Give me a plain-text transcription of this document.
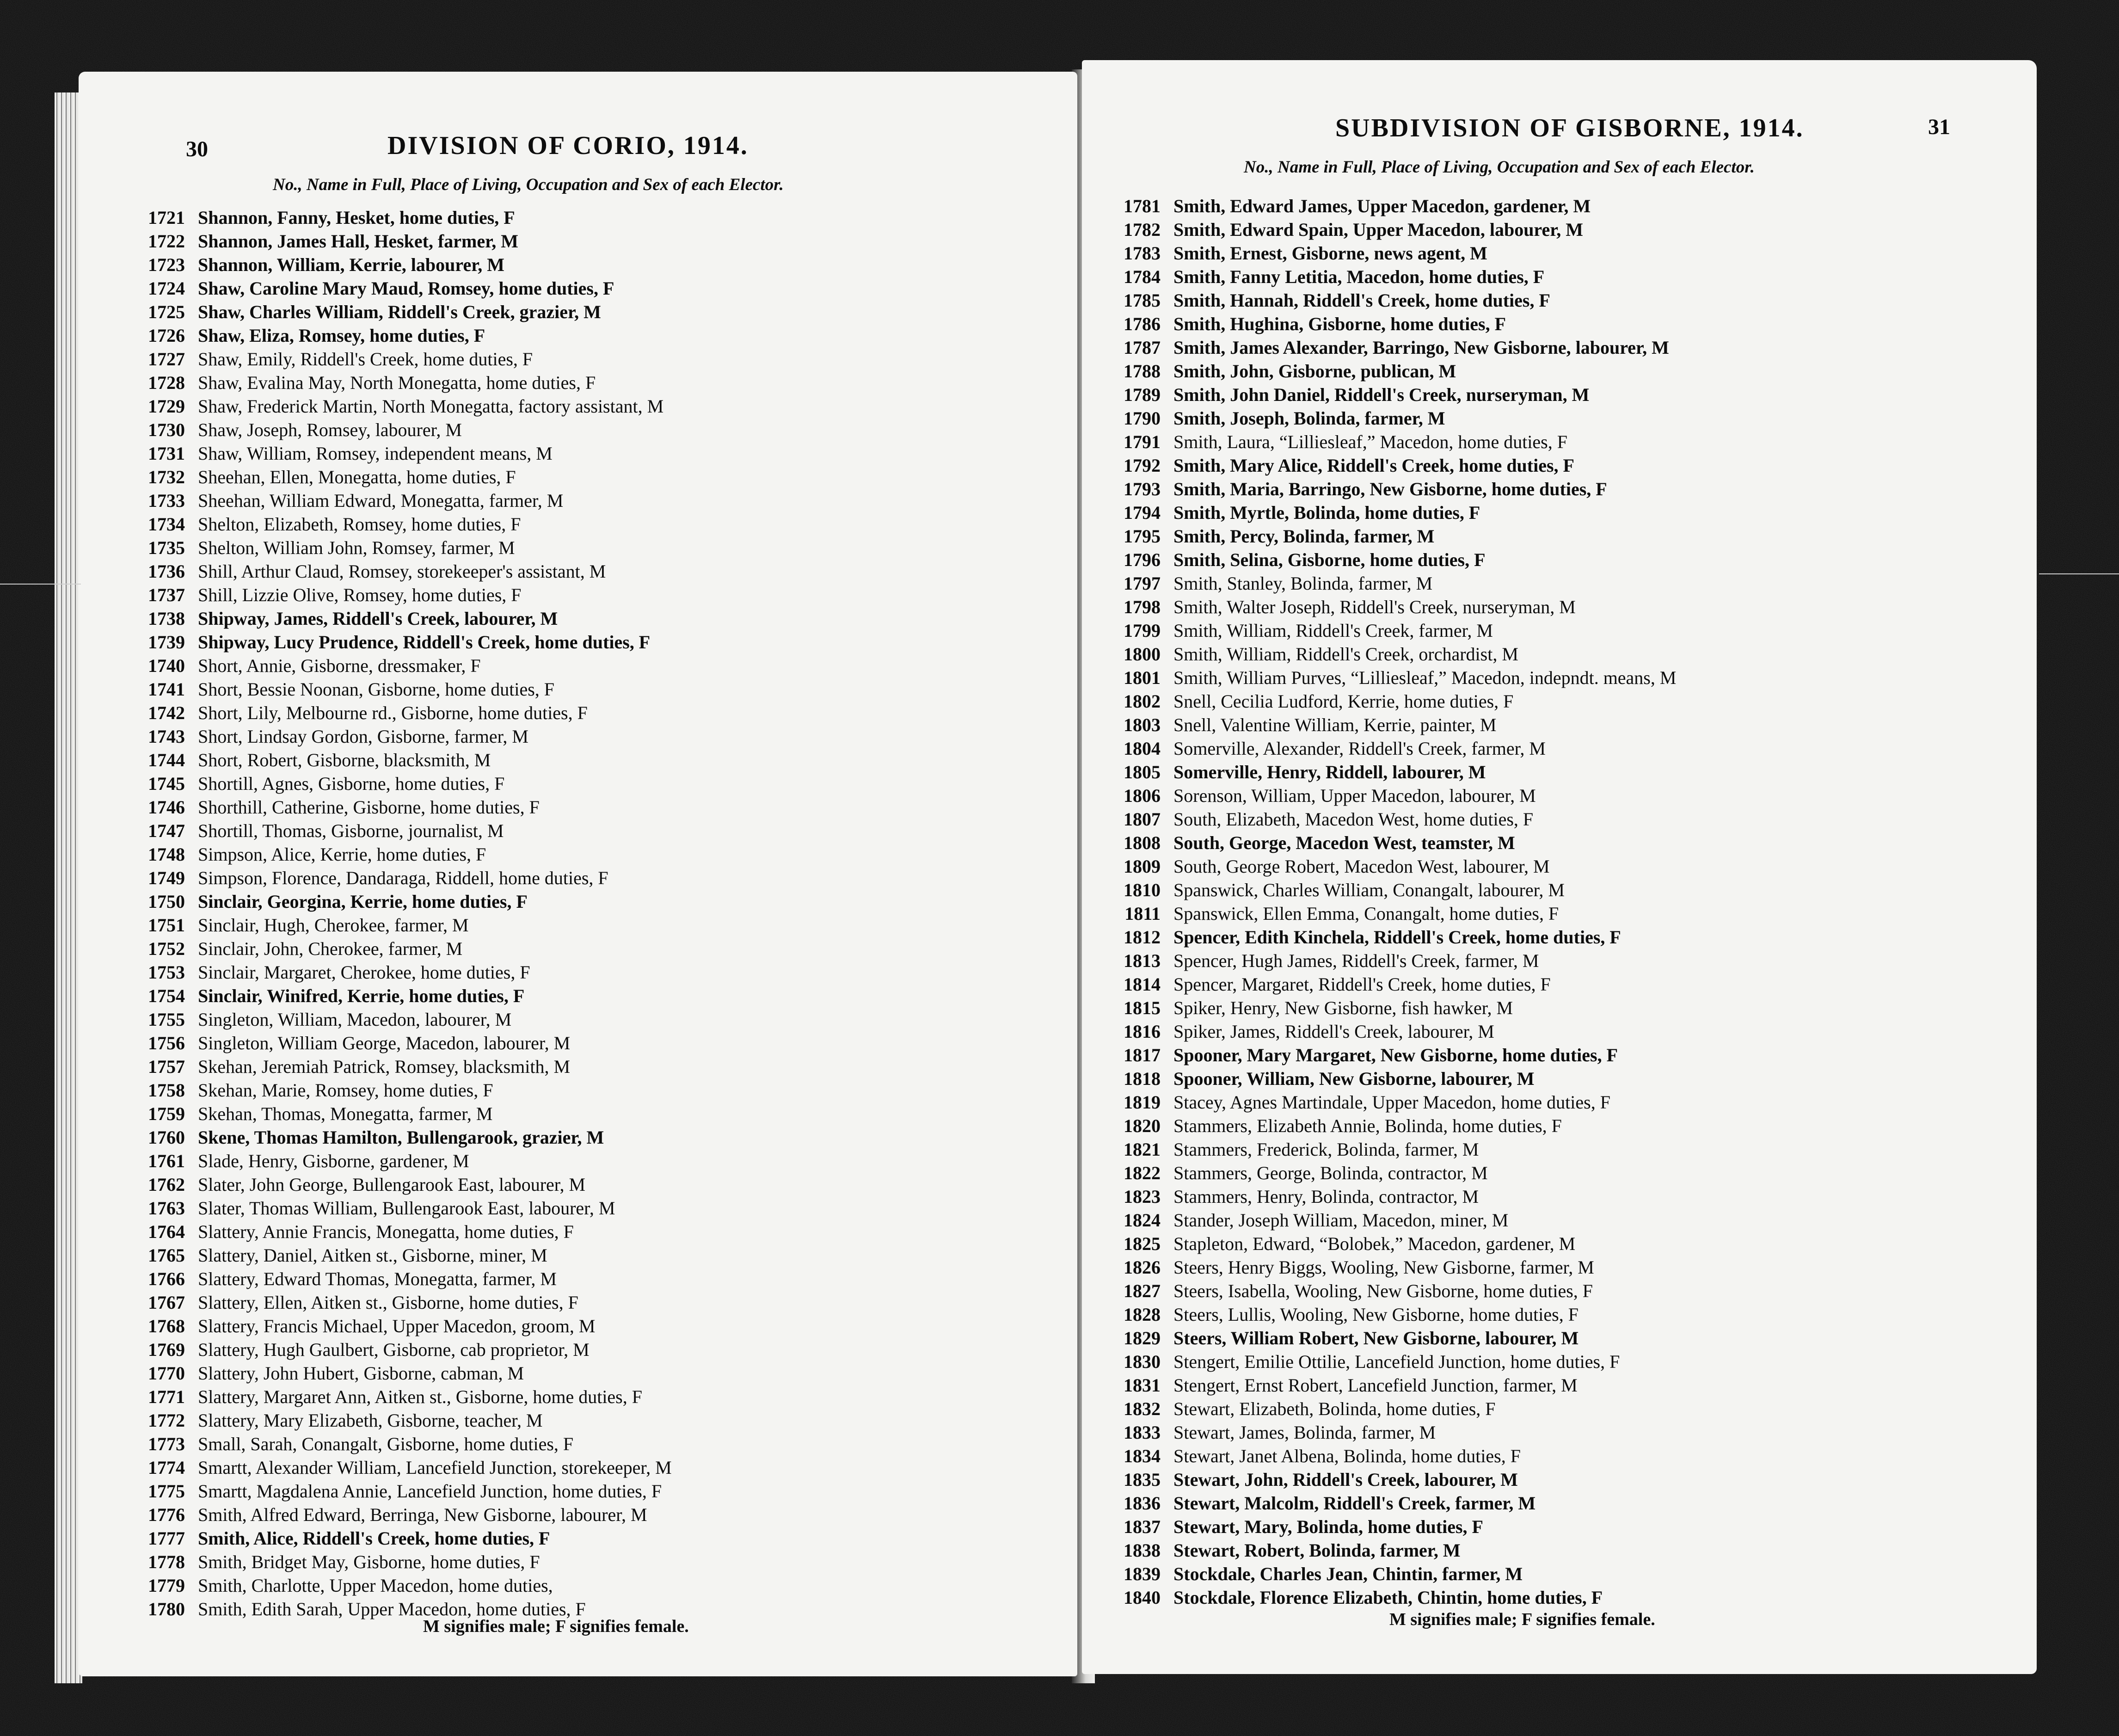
30	DIVISION OF CORIO, 1914.
No., Name in Full, Place of Living, Occupation and Sex of each Elector.
1721 Shannon, Fanny, Hesket, home duties, F
1722 Shannon, James Hall, Hesket, farmer, M
1723 Shannon, William, Kerrie, labourer, M
1724 Shaw, Caroline Mary Maud, Romsey, home duties, F
1725 Shaw, Charles William, Riddell's Creek, grazier, M
1726 Shaw, Eliza, Romsey, home duties, F
1727 Shaw, Emily, Riddell's Creek, home duties, F
1728 Shaw, Evalina May, North Monegatta, home duties, F
1729 Shaw, Frederick Martin, North Monegatta, factory assistant, M
1730 Shaw, Joseph, Romsey, labourer, M
1731 Shaw, William, Romsey, independent means, M
1732 Sheehan, Ellen, Monegatta, home duties, F
1733 Sheehan, William Edward, Monegatta, farmer, M
1734 Shelton, Elizabeth, Romsey, home duties, F
1735 Shelton, William John, Romsey, farmer, M
1736 Shill, Arthur Claud, Romsey, storekeeper's assistant, M
1737 Shill, Lizzie Olive, Romsey, home duties, F
1738 Shipway, James, Riddell's Creek, labourer, M
1739 Shipway, Lucy Prudence, Riddell's Creek, home duties, F
1740 Short, Annie, Gisborne, dressmaker, F
1741 Short, Bessie Noonan, Gisborne, home duties, F
1742 Short, Lily, Melbourne rd., Gisborne, home duties, F
1743 Short, Lindsay Gordon, Gisborne, farmer, M
1744 Short, Robert, Gisborne, blacksmith, M
1745 Shortill, Agnes, Gisborne, home duties, F
1746 Shorthill, Catherine, Gisborne, home duties, F
1747 Shortill, Thomas, Gisborne, journalist, M
1748 Simpson, Alice, Kerrie, home duties, F
1749 Simpson, Florence, Dandaraga, Riddell, home duties, F
1750 Sinclair, Georgina, Kerrie, home duties, F
1751 Sinclair, Hugh, Cherokee, farmer, M
1752 Sinclair, John, Cherokee, farmer, M
1753 Sinclair, Margaret, Cherokee, home duties, F
1754 Sinclair, Winifred, Kerrie, home duties, F
1755 Singleton, William, Macedon, labourer, M
1756 Singleton, William George, Macedon, labourer, M
1757 Skehan, Jeremiah Patrick, Romsey, blacksmith, M
1758 Skehan, Marie, Romsey, home duties, F
1759 Skehan, Thomas, Monegatta, farmer, M
1760 Skene, Thomas Hamilton, Bullengarook, grazier, M
1761 Slade, Henry, Gisborne, gardener, M
1762 Slater, John George, Bullengarook East, labourer, M
1763 Slater, Thomas William, Bullengarook East, labourer, M
1764 Slattery, Annie Francis, Monegatta, home duties, F
1765 Slattery, Daniel, Aitken st., Gisborne, miner, M
1766 Slattery, Edward Thomas, Monegatta, farmer, M
1767 Slattery, Ellen, Aitken st., Gisborne, home duties, F
1768 Slattery, Francis Michael, Upper Macedon, groom, M
1769 Slattery, Hugh Gaulbert, Gisborne, cab proprietor, M
1770 Slattery, John Hubert, Gisborne, cabman, M
1771 Slattery, Margaret Ann, Aitken st., Gisborne, home duties, F
1772 Slattery, Mary Elizabeth, Gisborne, teacher, M
1773 Small, Sarah, Conangalt, Gisborne, home duties, F
1774 Smartt, Alexander William, Lancefield Junction, storekeeper, M
1775 Smartt, Magdalena Annie, Lancefield Junction, home duties, F
1776 Smith, Alfred Edward, Berringa, New Gisborne, labourer, M
1777 Smith, Alice, Riddell's Creek, home duties, F
1778 Smith, Bridget May, Gisborne, home duties, F
1779 Smith, Charlotte, Upper Macedon, home duties,
1780 Smith, Edith Sarah, Upper Macedon, home duties, F
M signifies male; F signifies female.
SUBDIVISION OF GISBORNE, 1914.	31
No., Name in Full, Place of Living, Occupation and Sex of each Elector.
1781 Smith, Edward James, Upper Macedon, gardener, M
1782 Smith, Edward Spain, Upper Macedon, labourer, M
1783 Smith, Ernest, Gisborne, news agent, M
1784 Smith, Fanny Letitia, Macedon, home duties, F
1785 Smith, Hannah, Riddell's Creek, home duties, F
1786 Smith, Hughina, Gisborne, home duties, F
1787 Smith, James Alexander, Barringo, New Gisborne, labourer, M
1788 Smith, John, Gisborne, publican, M
1789 Smith, John Daniel, Riddell's Creek, nurseryman, M
1790 Smith, Joseph, Bolinda, farmer, M
1791 Smith, Laura, “Lilliesleaf,” Macedon, home duties, F
1792 Smith, Mary Alice, Riddell's Creek, home duties, F
1793 Smith, Maria, Barringo, New Gisborne, home duties, F
1794 Smith, Myrtle, Bolinda, home duties, F
1795 Smith, Percy, Bolinda, farmer, M
1796 Smith, Selina, Gisborne, home duties, F
1797 Smith, Stanley, Bolinda, farmer, M
1798 Smith, Walter Joseph, Riddell's Creek, nurseryman, M
1799 Smith, William, Riddell's Creek, farmer, M
1800 Smith, William, Riddell's Creek, orchardist, M
1801 Smith, William Purves, “Lilliesleaf,” Macedon, indepndt. means, M
1802 Snell, Cecilia Ludford, Kerrie, home duties, F
1803 Snell, Valentine William, Kerrie, painter, M
1804 Somerville, Alexander, Riddell's Creek, farmer, M
1805 Somerville, Henry, Riddell, labourer, M
1806 Sorenson, William, Upper Macedon, labourer, M
1807 South, Elizabeth, Macedon West, home duties, F
1808 South, George, Macedon West, teamster, M
1809 South, George Robert, Macedon West, labourer, M
1810 Spanswick, Charles William, Conangalt, labourer, M
1811 Spanswick, Ellen Emma, Conangalt, home duties, F
1812 Spencer, Edith Kinchela, Riddell's Creek, home duties, F
1813 Spencer, Hugh James, Riddell's Creek, farmer, M
1814 Spencer, Margaret, Riddell's Creek, home duties, F
1815 Spiker, Henry, New Gisborne, fish hawker, M
1816 Spiker, James, Riddell's Creek, labourer, M
1817 Spooner, Mary Margaret, New Gisborne, home duties, F
1818 Spooner, William, New Gisborne, labourer, M
1819 Stacey, Agnes Martindale, Upper Macedon, home duties, F
1820 Stammers, Elizabeth Annie, Bolinda, home duties, F
1821 Stammers, Frederick, Bolinda, farmer, M
1822 Stammers, George, Bolinda, contractor, M
1823 Stammers, Henry, Bolinda, contractor, M
1824 Stander, Joseph William, Macedon, miner, M
1825 Stapleton, Edward, “Bolobek,” Macedon, gardener, M
1826 Steers, Henry Biggs, Wooling, New Gisborne, farmer, M
1827 Steers, Isabella, Wooling, New Gisborne, home duties, F
1828 Steers, Lullis, Wooling, New Gisborne, home duties, F
1829 Steers, William Robert, New Gisborne, labourer, M
1830 Stengert, Emilie Ottilie, Lancefield Junction, home duties, F
1831 Stengert, Ernst Robert, Lancefield Junction, farmer, M
1832 Stewart, Elizabeth, Bolinda, home duties, F
1833 Stewart, James, Bolinda, farmer, M
1834 Stewart, Janet Albena, Bolinda, home duties, F
1835 Stewart, John, Riddell's Creek, labourer, M
1836 Stewart, Malcolm, Riddell's Creek, farmer, M
1837 Stewart, Mary, Bolinda, home duties, F
1838 Stewart, Robert, Bolinda, farmer, M
1839 Stockdale, Charles Jean, Chintin, farmer, M
1840 Stockdale, Florence Elizabeth, Chintin, home duties, F
M signifies male; F signifies female.
